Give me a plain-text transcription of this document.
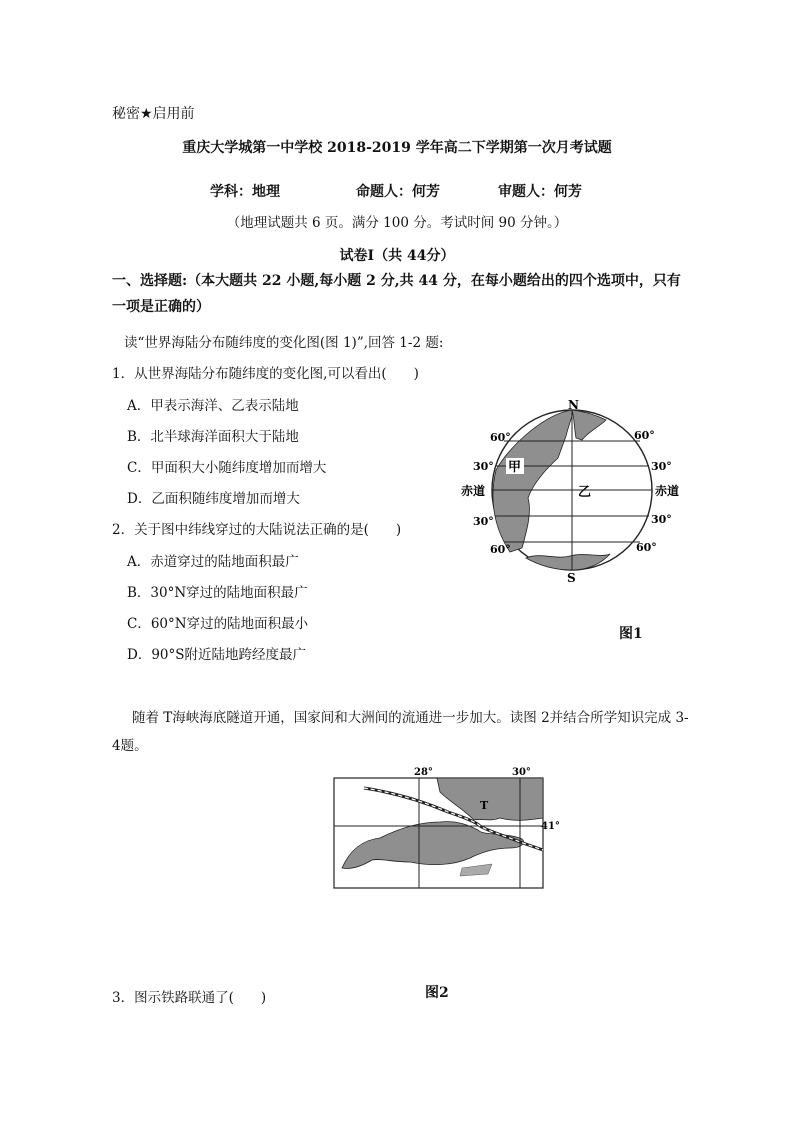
秘密★启用前
重庆大学城第一中学校 2018-2019 学年高二下学期第一次月考试题
学科：地理	命题人：何芳	审题人：何芳
（地理试题共 6 页。满分 100 分。考试时间 90 分钟。）
试卷Ⅰ（共 44分）
一、选择题:（本大题共 22 小题,每小题 2 分,共 44 分，在每小题给出的四个选项中，只有一项是正确的）
读“世界海陆分布随纬度的变化图(图 1)”,回答 1-2 题:
1．从世界海陆分布随纬度的变化图,可以看出(　　)
A．甲表示海洋、乙表示陆地
B．北半球海洋面积大于陆地
C．甲面积大小随纬度增加而增大
D．乙面积随纬度增加而增大
2．关于图中纬线穿过的大陆说法正确的是(　　)
A．赤道穿过的陆地面积最广
B．30°N穿过的陆地面积最广
C．60°N穿过的陆地面积最小
D．90°S附近陆地跨经度最广
甲
乙
N
S
60°	60°
30°	30°
赤道	赤道
30°	30°
60°	60°
图1
随着 T海峡海底隧道开通，国家间和大洲间的流通进一步加大。读图 2并结合所学知识完成 3-4题。
28°	30°
41°
T
3．图示铁路联通了(　　)	图2
